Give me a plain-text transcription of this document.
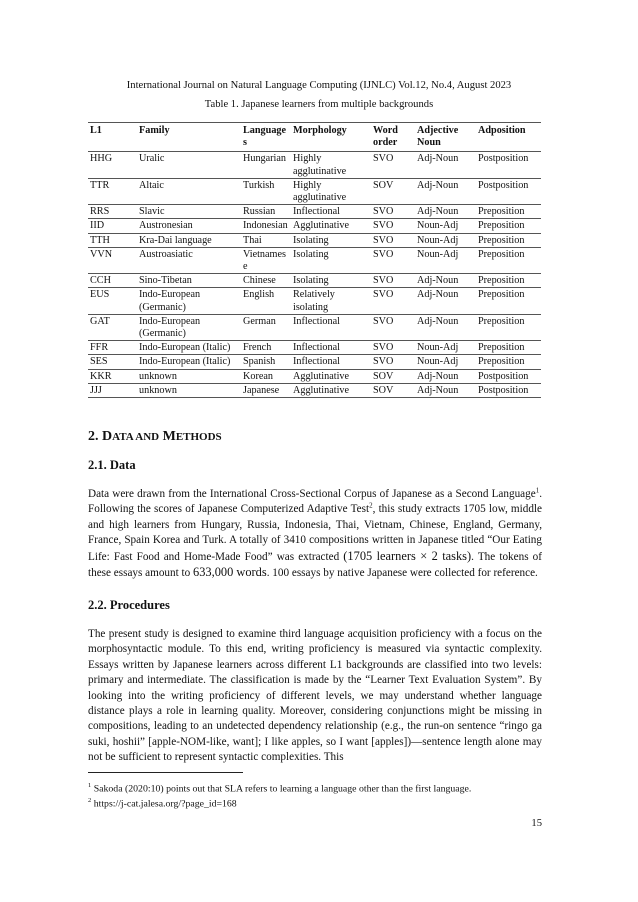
International Journal on Natural Language Computing (IJNLC) Vol.12, No.4, August 2023
Table 1. Japanese learners from multiple backgrounds
L1	Family	Languages	Morphology	Word order	Adjective Noun	Adposition
HHG	Uralic	Hungarian	Highly agglutinative	SVO	Adj-Noun	Postposition
TTR	Altaic	Turkish	Highly agglutinative	SOV	Adj-Noun	Postposition
RRS	Slavic	Russian	Inflectional	SVO	Adj-Noun	Preposition
IID	Austronesian	Indonesian	Agglutinative	SVO	Noun-Adj	Preposition
TTH	Kra-Dai language	Thai	Isolating	SVO	Noun-Adj	Preposition
VVN	Austroasiatic	Vietnamese	Isolating	SVO	Noun-Adj	Preposition
CCH	Sino-Tibetan	Chinese	Isolating	SVO	Adj-Noun	Preposition
EUS	Indo-European (Germanic)	English	Relatively isolating	SVO	Adj-Noun	Preposition
GAT	Indo-European (Germanic)	German	Inflectional	SVO	Adj-Noun	Preposition
FFR	Indo-European (Italic)	French	Inflectional	SVO	Noun-Adj	Preposition
SES	Indo-European (Italic)	Spanish	Inflectional	SVO	Noun-Adj	Preposition
KKR	unknown	Korean	Agglutinative	SOV	Adj-Noun	Postposition
JJJ	unknown	Japanese	Agglutinative	SOV	Adj-Noun	Postposition
2. DATA AND METHODS
2.1. Data
Data were drawn from the International Cross-Sectional Corpus of Japanese as a Second Language$^1$. Following the scores of Japanese Computerized Adaptive Test$^2$, this study extracts 1705 low, middle and high learners from Hungary, Russia, Indonesia, Thai, Vietnam, Chinese, England, Germany, France, Spain Korea and Turk. A totally of 3410 compositions written in Japanese titled “Our Eating Life: Fast Food and Home-Made Food” was extracted (1705 learners × 2 tasks). The tokens of these essays amount to 633,000 words. 100 essays by native Japanese were collected for reference.
2.2. Procedures
The present study is designed to examine third language acquisition proficiency with a focus on the morphosyntactic module. To this end, writing proficiency is measured via syntactic complexity. Essays written by Japanese learners across different L1 backgrounds are classified into two levels: primary and intermediate. The classification is made by the “Learner Text Evaluation System”. By looking into the writing proficiency of different levels, we may understand whether language distance plays a role in learning quality. Moreover, considering conjunctions might be missing in compositions, leading to an undetected dependency relationship (e.g., the run-on sentence “ringo ga suki, hoshii” [apple-NOM-like, want]; I like apples, so I want [apples])—sentence length alone may not be sufficient to represent syntactic complexities. This
$^1$ Sakoda (2020:10) points out that SLA refers to learning a language other than the first language.
$^2$ https://j-cat.jalesa.org/?page_id=168
15
